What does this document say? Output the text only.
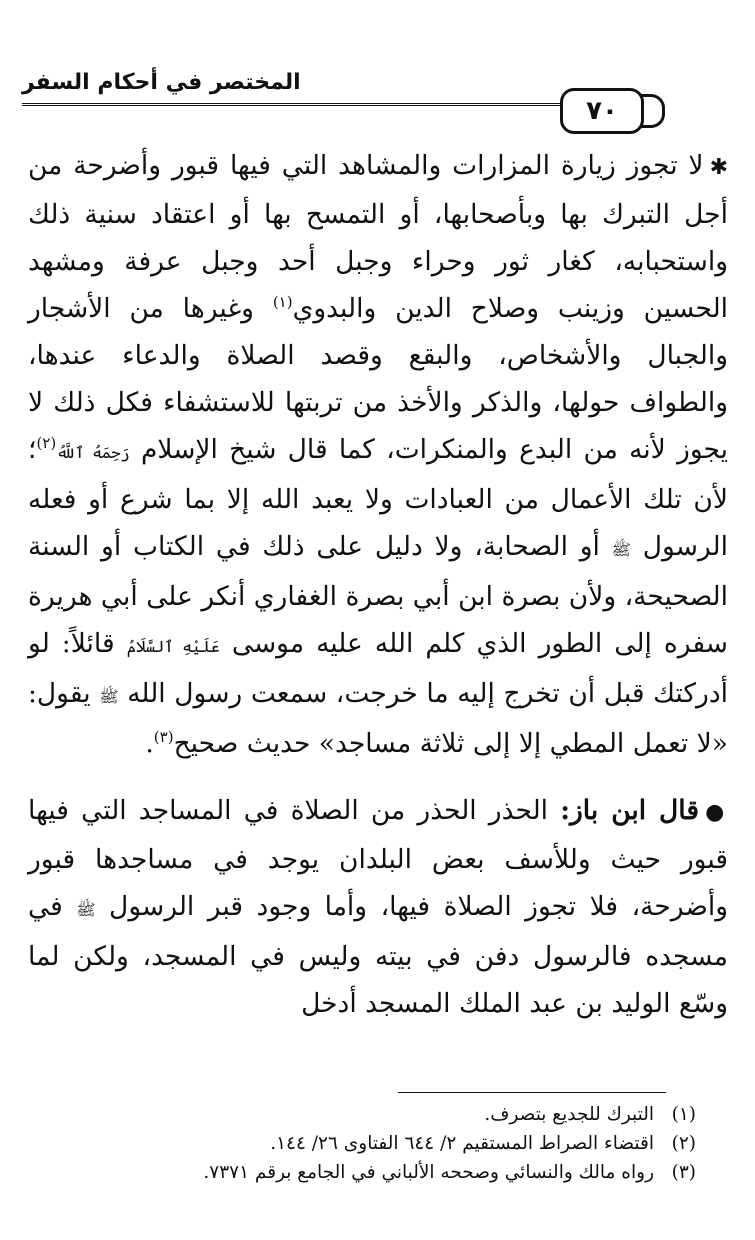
المختصر في أحكام السفر
٧٠

✱لا تجوز زيارة المزارات والمشاهد التي فيها قبور وأضرحة من أجل التبرك بها وبأصحابها، أو التمسح بها أو اعتقاد سنية ذلك واستحبابه، كغار ثور وحراء وجبل أحد وجبل عرفة ومشهد الحسين وزينب وصلاح الدين والبدوي$^{(١)}$ وغيرها من الأشجار والجبال والأشخاص، والبقع وقصد الصلاة والدعاء عندها، والطواف حولها، والذكر والأخذ من تربتها للاستشفاء فكل ذلك لا يجوز لأنه من البدع والمنكرات، كما قال شيخ الإسلام رَحِمَهُ ٱللَّهُ$^{(٢)}$؛ لأن تلك الأعمال من العبادات ولا يعبد الله إلا بما شرع أو فعله الرسول ﷺ أو الصحابة، ولا دليل على ذلك في الكتاب أو السنة الصحيحة، ولأن بصرة ابن أبي بصرة الغفاري أنكر على أبي هريرة سفره إلى الطور الذي كلم الله عليه موسى عَلَيْهِ ٱلسَّلَامُ قائلاً: لو أدركتك قبل أن تخرج إليه ما خرجت، سمعت رسول الله ﷺ يقول: «لا تعمل المطي إلا إلى ثلاثة مساجد» حديث صحيح$^{(٣)}$.

●قال ابن باز: الحذر الحذر من الصلاة في المساجد التي فيها قبور حيث وللأسف بعض البلدان يوجد في مساجدها قبور وأضرحة، فلا تجوز الصلاة فيها، وأما وجود قبر الرسول ﷺ في مسجده فالرسول دفن في بيته وليس في المسجد، ولكن لما وسّع الوليد بن عبد الملك المسجد أدخل

(١)
التبرك للجديع بتصرف.
(٢)
اقتضاء الصراط المستقيم ٢/ ٦٤٤ الفتاوى ٢٦/ ١٤٤.
(٣)
رواه مالك والنسائي وصححه الألباني في الجامع برقم ٧٣٧١.
